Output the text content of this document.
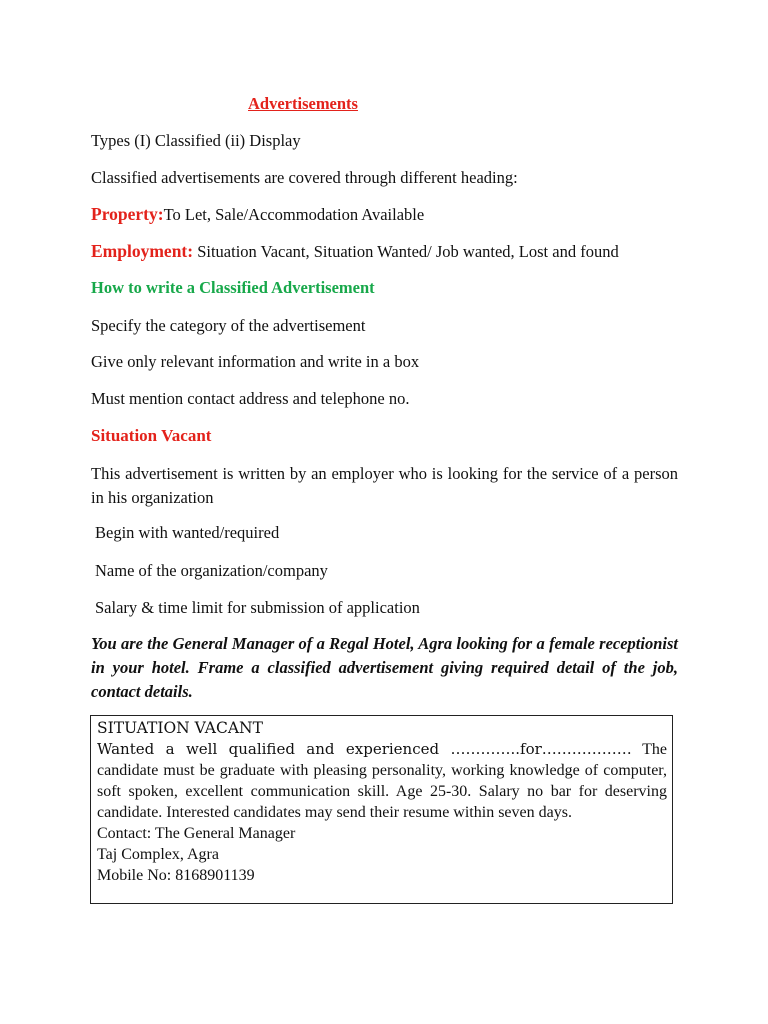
Advertisements
Types (I) Classified (ii) Display
Classified advertisements are covered through different heading:
Property:To Let, Sale/Accommodation Available
Employment: Situation Vacant, Situation Wanted/ Job wanted, Lost and found
How to write a Classified Advertisement
Specify the category of the advertisement
Give only relevant information and write in a box
Must mention contact address and telephone no.
Situation Vacant
This advertisement is written by an employer who is looking for the service of a person in his organization
Begin with wanted/required
Name of the organization/company
Salary & time limit for submission of application
You are the General Manager of a Regal Hotel, Agra looking for a female receptionist in your hotel. Frame a classified advertisement giving required detail of the job, contact details.
SITUATION VACANT
Wanted a well qualified and experienced …………..for……………… The candidate must be graduate with pleasing personality, working knowledge of computer, soft spoken, excellent communication skill. Age 25-30. Salary no bar for deserving candidate. Interested candidates may send their resume within seven days.
Contact: The General Manager
Taj Complex, Agra
Mobile No: 8168901139
